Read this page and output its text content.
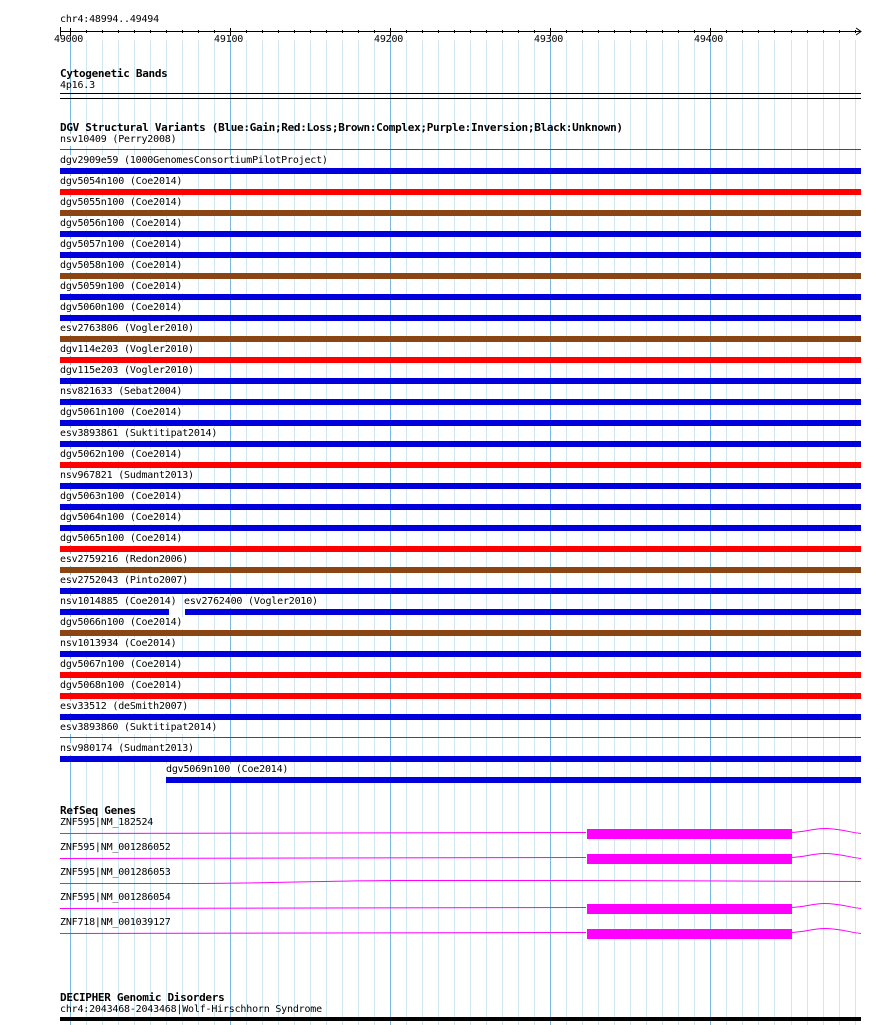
chr4:48994..49494
Cytogenetic Bands
4p16.3
DGV Structural Variants (Blue:Gain;Red:Loss;Brown:Complex;Purple:Inversion;Black:Unknown)
RefSeq Genes
DECIPHER Genomic Disorders
chr4:2043468-2043468|Wolf-Hirschhorn Syndrome
49000	49100	49200	49300	49400
nsv10409 (Perry2008)
dgv2909e59 (1000GenomesConsortiumPilotProject)
dgv5054n100 (Coe2014)
dgv5055n100 (Coe2014)
dgv5056n100 (Coe2014)
dgv5057n100 (Coe2014)
dgv5058n100 (Coe2014)
dgv5059n100 (Coe2014)
dgv5060n100 (Coe2014)
esv2763806 (Vogler2010)
dgv114e203 (Vogler2010)
dgv115e203 (Vogler2010)
nsv821633 (Sebat2004)
dgv5061n100 (Coe2014)
esv3893861 (Suktitipat2014)
dgv5062n100 (Coe2014)
nsv967821 (Sudmant2013)
dgv5063n100 (Coe2014)
dgv5064n100 (Coe2014)
dgv5065n100 (Coe2014)
esv2759216 (Redon2006)
esv2752043 (Pinto2007)
nsv1014885 (Coe2014) esv2762400 (Vogler2010)
dgv5066n100 (Coe2014)
nsv1013934 (Coe2014)
dgv5067n100 (Coe2014)
dgv5068n100 (Coe2014)
esv33512 (deSmith2007)
esv3893860 (Suktitipat2014)
nsv980174 (Sudmant2013)
dgv5069n100 (Coe2014)
ZNF595|NM_182524
ZNF595|NM_001286052
ZNF595|NM_001286053
ZNF595|NM_001286054
ZNF718|NM_001039127
